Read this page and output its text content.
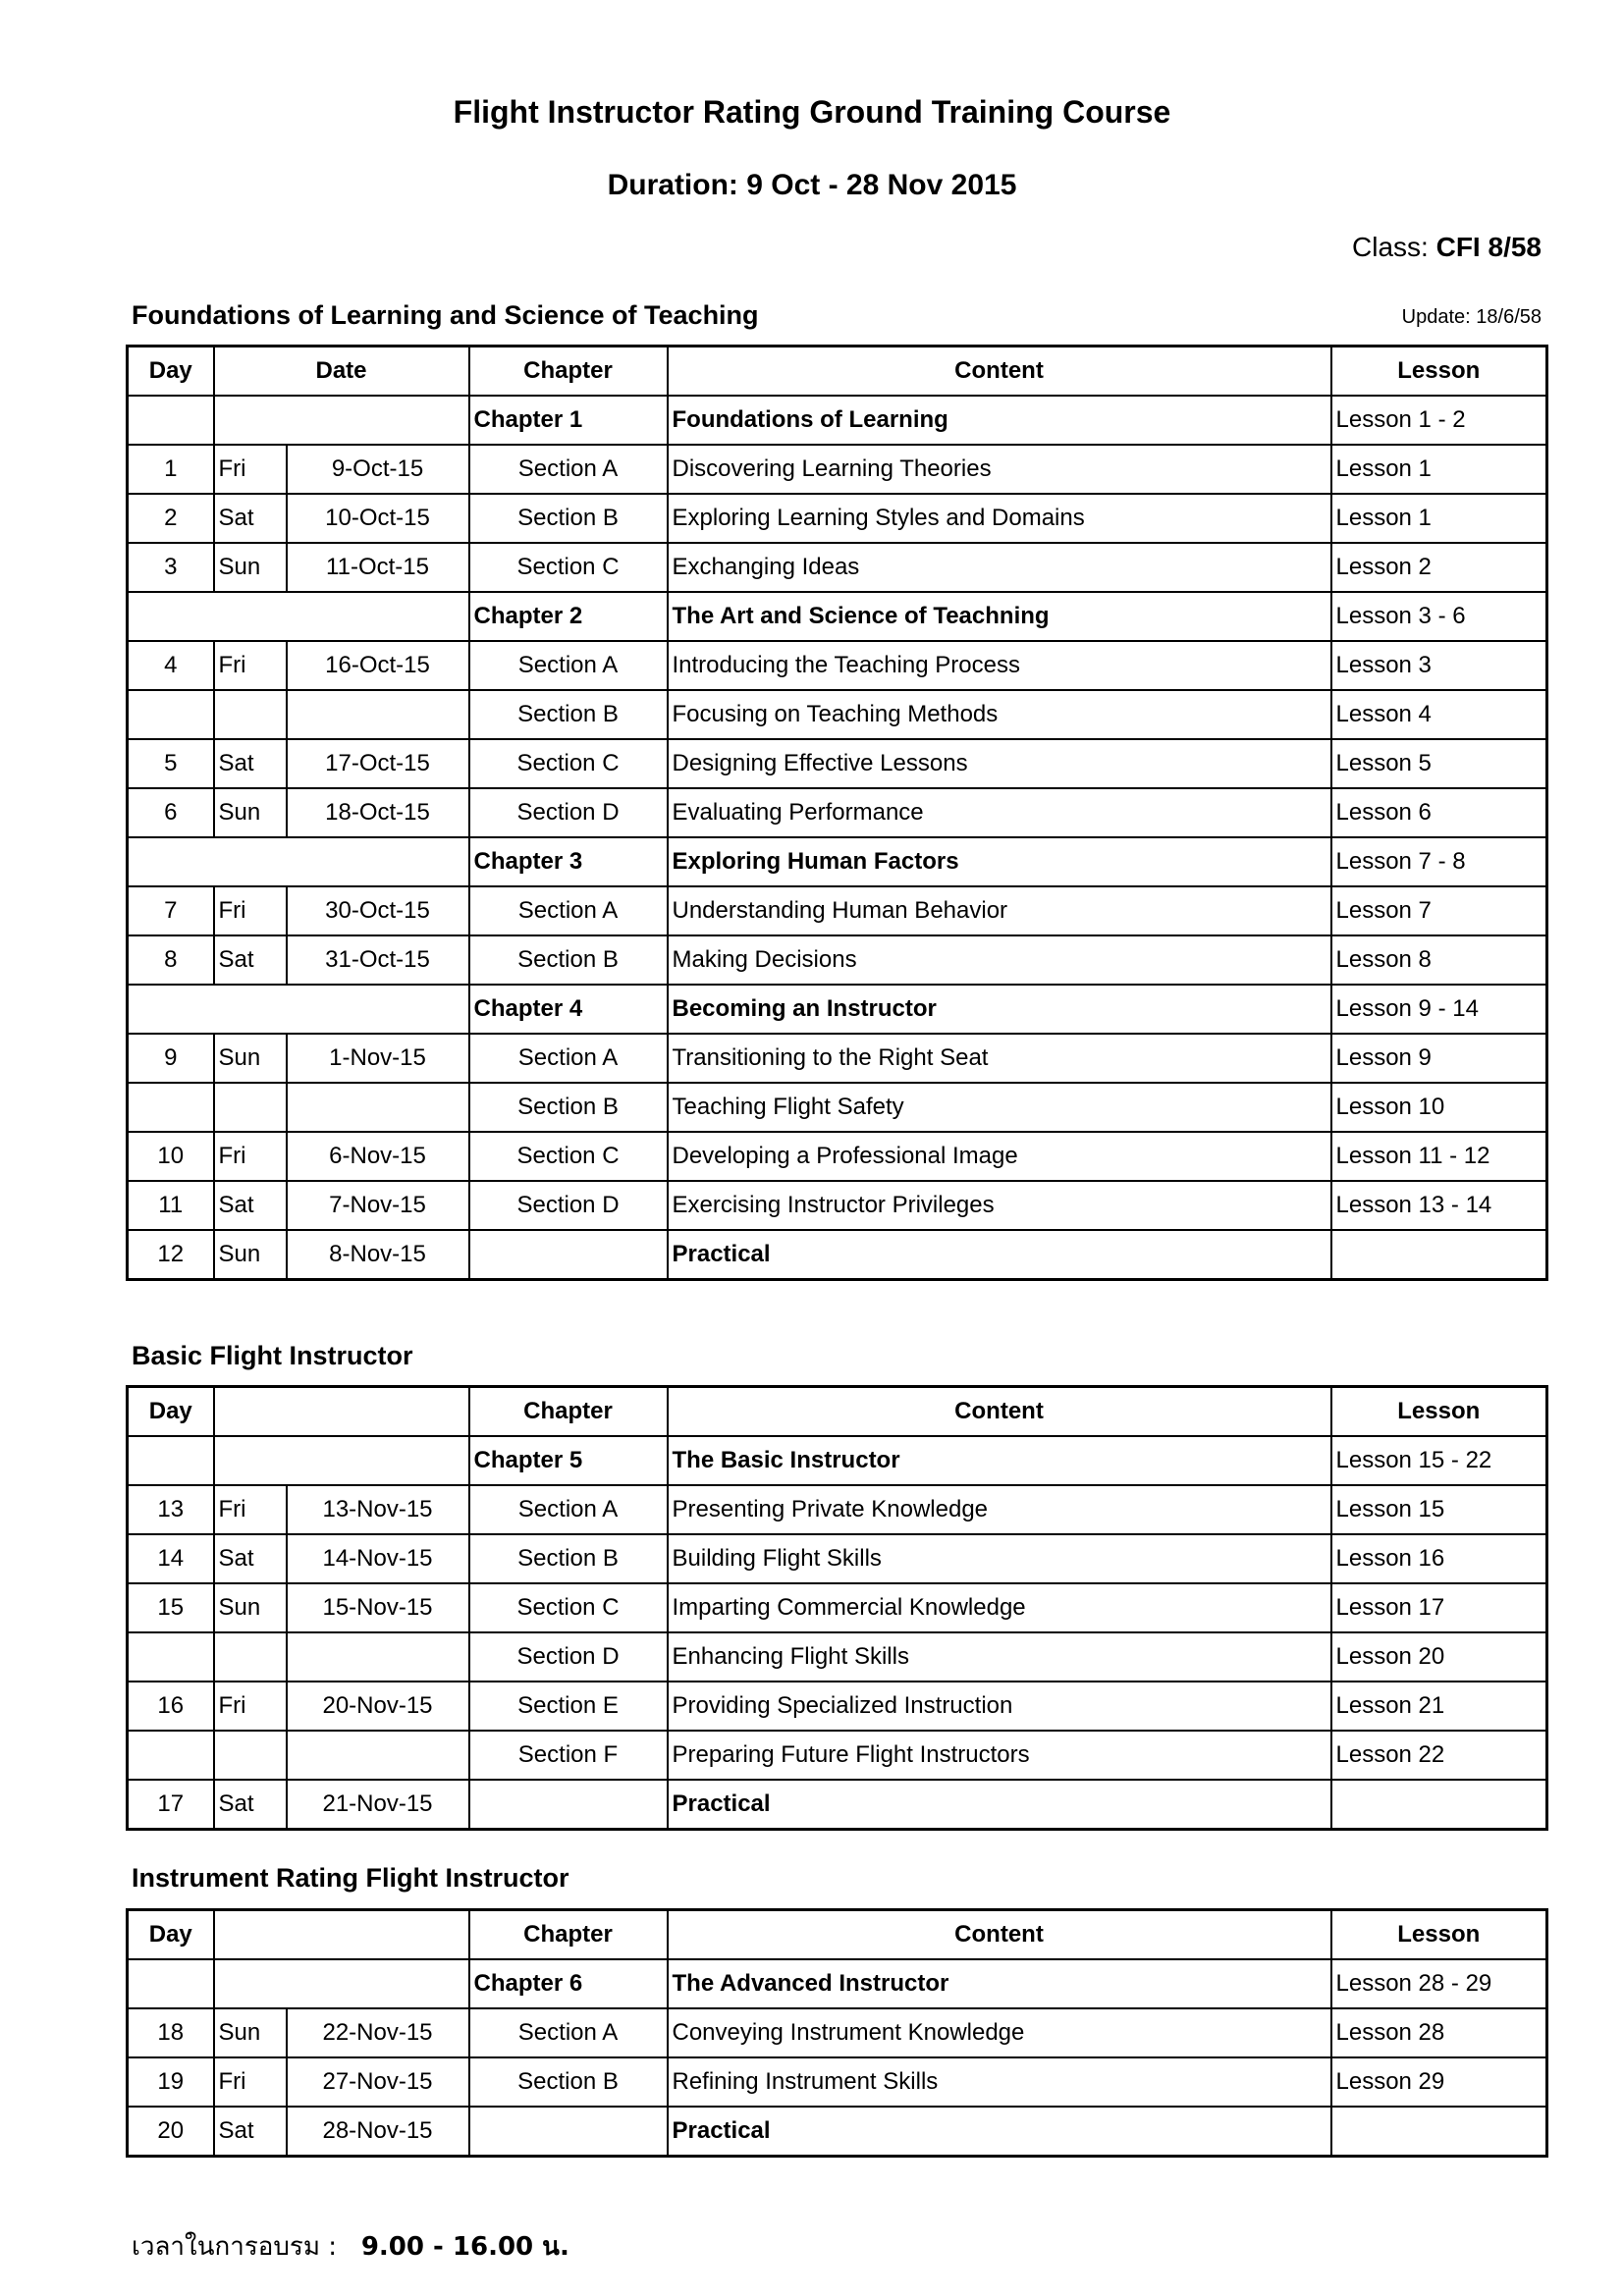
Flight Instructor Rating Ground Training Course
Duration: 9 Oct - 28 Nov 2015
Class: CFI 8/58
Foundations of Learning and Science of Teaching	Update: 18/6/58
Day	Date		Chapter	Content	Lesson
			Chapter 1	Foundations of Learning	Lesson 1 - 2
1	Fri	9-Oct-15	Section A	Discovering Learning Theories	Lesson 1
2	Sat	10-Oct-15	Section B	Exploring Learning Styles and Domains	Lesson 1
3	Sun	11-Oct-15	Section C	Exchanging Ideas	Lesson 2
			Chapter 2	The Art and Science of Teachning	Lesson 3 - 6
4	Fri	16-Oct-15	Section A	Introducing the Teaching Process	Lesson 3
			Section B	Focusing on Teaching Methods	Lesson 4
5	Sat	17-Oct-15	Section C	Designing Effective Lessons	Lesson 5
6	Sun	18-Oct-15	Section D	Evaluating Performance	Lesson 6
			Chapter 3	Exploring Human Factors	Lesson 7 - 8
7	Fri	30-Oct-15	Section A	Understanding Human Behavior	Lesson 7
8	Sat	31-Oct-15	Section B	Making Decisions	Lesson 8
			Chapter 4	Becoming an Instructor	Lesson 9 - 14
9	Sun	1-Nov-15	Section A	Transitioning to the Right Seat	Lesson 9
			Section B	Teaching Flight Safety	Lesson 10
10	Fri	6-Nov-15	Section C	Developing a Professional Image	Lesson 11 - 12
11	Sat	7-Nov-15	Section D	Exercising Instructor Privileges	Lesson 13 - 14
12	Sun	8-Nov-15		Practical	
Basic Flight Instructor
Day			Chapter	Content	Lesson
			Chapter 5	The Basic Instructor	Lesson 15 - 22
13	Fri	13-Nov-15	Section A	Presenting Private Knowledge	Lesson 15
14	Sat	14-Nov-15	Section B	Building Flight Skills	Lesson 16
15	Sun	15-Nov-15	Section C	Imparting Commercial Knowledge	Lesson 17
			Section D	Enhancing Flight Skills	Lesson 20
16	Fri	20-Nov-15	Section E	Providing Specialized Instruction	Lesson 21
			Section F	Preparing Future Flight Instructors	Lesson 22
17	Sat	21-Nov-15		Practical	
Instrument Rating Flight Instructor
Day			Chapter	Content	Lesson
			Chapter 6	The Advanced Instructor	Lesson 28 - 29
18	Sun	22-Nov-15	Section A	Conveying Instrument Knowledge	Lesson 28
19	Fri	27-Nov-15	Section B	Refining Instrument Skills	Lesson 29
20	Sat	28-Nov-15		Practical	
เวลาในการอบรม : 9.00 - 16.00 น.
